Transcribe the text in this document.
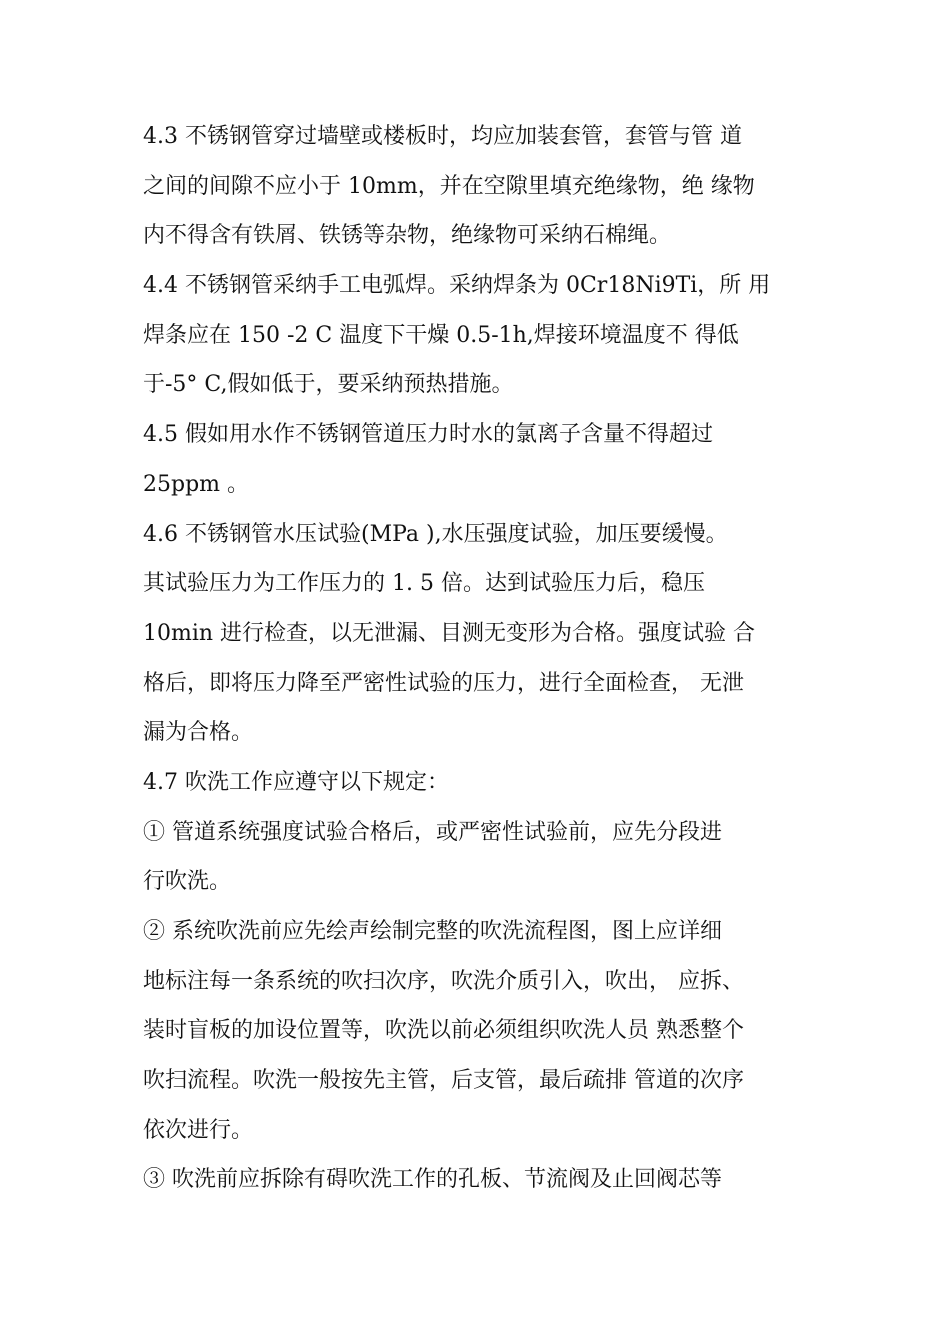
4.3 不锈钢管穿过墙壁或楼板时，均应加装套管，套管与管 道
之间的间隙不应小于 10mm，并在空隙里填充绝缘物，绝 缘物
内不得含有铁屑、铁锈等杂物，绝缘物可采纳石棉绳。
4.4 不锈钢管采纳手工电弧焊。采纳焊条为 0Cr18Ni9Ti，所 用
焊条应在 150 -2 C 温度下干燥 0.5-1h,焊接环境温度不 得低
于-5° C,假如低于，要采纳预热措施。
4.5 假如用水作不锈钢管道压力时水的氯离子含量不得超过
25ppm 。
4.6 不锈钢管水压试验(MPa ),水压强度试验，加压要缓慢。
其试验压力为工作压力的 1. 5 倍。达到试验压力后，稳压
10min 进行检查，以无泄漏、目测无变形为合格。强度试验 合
格后，即将压力降至严密性试验的压力，进行全面检查， 无泄
漏为合格。
4.7 吹洗工作应遵守以下规定：
① 管道系统强度试验合格后，或严密性试验前，应先分段进
行吹洗。
② 系统吹洗前应先绘声绘制完整的吹洗流程图，图上应详细
地标注每一条系统的吹扫次序，吹洗介质引入，吹出， 应拆、
装时盲板的加设位置等，吹洗以前必须组织吹洗人员 熟悉整个
吹扫流程。吹洗一般按先主管，后支管，最后疏排 管道的次序
依次进行。
③ 吹洗前应拆除有碍吹洗工作的孔板、节流阀及止回阀芯等
